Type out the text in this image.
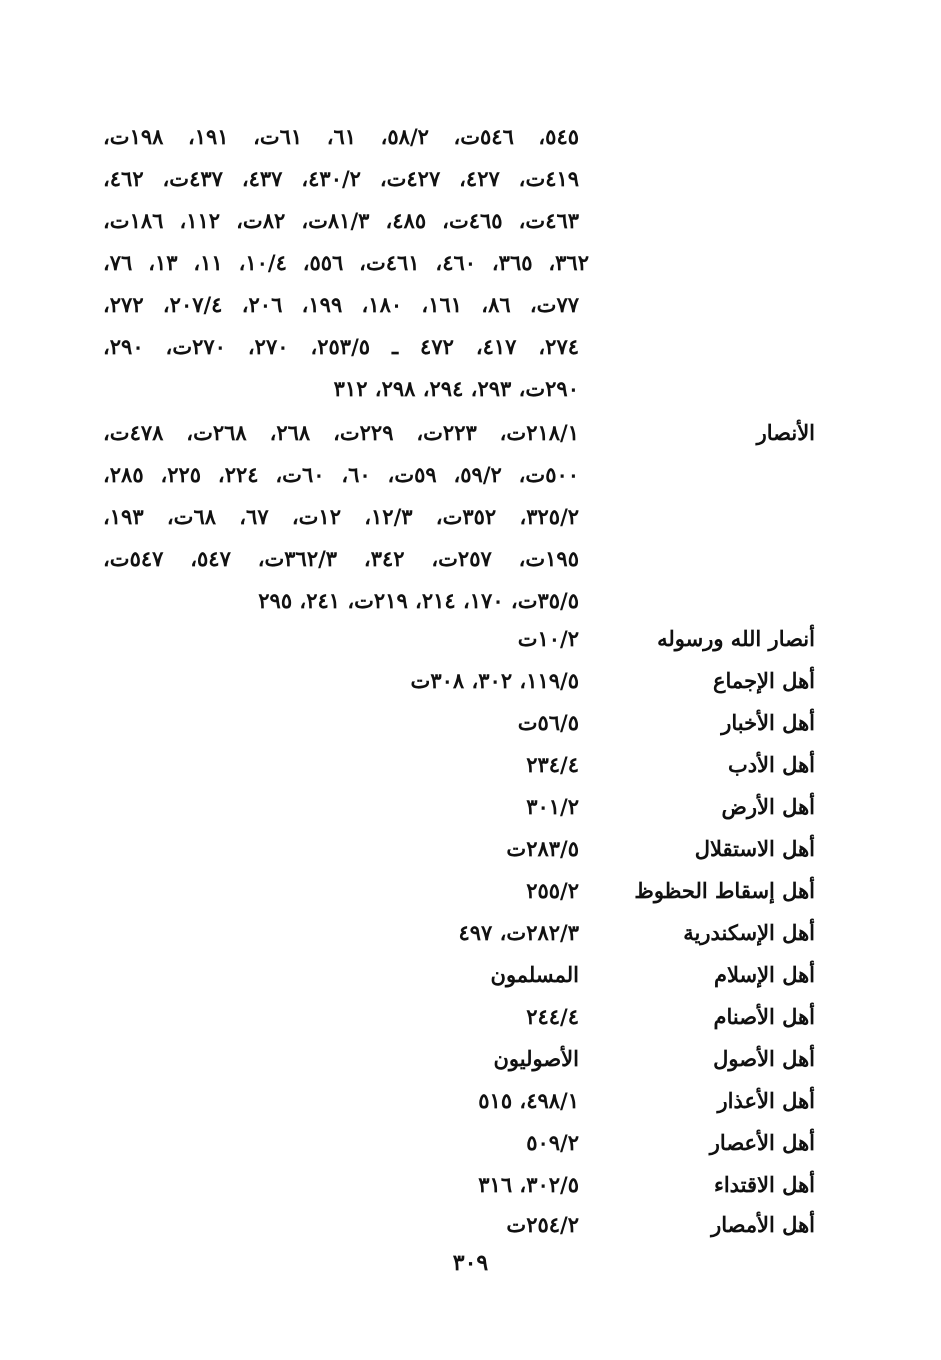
٥٤٥، ٥٤٦ت، ٥٨/٢، ٦١، ٦١ت، ١٩١، ١٩٨ت،
٤١٩ت، ٤٢٧، ٤٢٧ت، ٤٣٠/٢، ٤٣٧، ٤٣٧ت، ٤٦٢،
٤٦٣ت، ٤٦٥ت، ٤٨٥، ٨١/٣ت، ٨٢ت، ١١٢، ١٨٦ت،
٣٦٢، ٣٦٥، ٤٦٠، ٤٦١ت، ٥٥٦، ١٠/٤، ١١، ١٣، ٧٦،
٧٧ت، ٨٦، ١٦١، ١٨٠، ١٩٩، ٢٠٦، ٢٠٧/٤، ٢٧٢،
٢٧٤، ٤١٧، ٤٧٢ ـ ٢٥٣/٥، ٢٧٠، ٢٧٠ت، ٢٩٠،
٢٩٠ت، ٢٩٣، ٢٩٤، ٢٩٨، ٣١٢
الأنصار
٢١٨/١ت، ٢٢٣ت، ٢٢٩ت، ٢٦٨، ٢٦٨ت، ٤٧٨ت،
٥٠٠ت، ٥٩/٢، ٥٩ت، ٦٠، ٦٠ت، ٢٢٤، ٢٢٥، ٢٨٥،
٣٢٥/٢، ٣٥٢ت، ١٢/٣، ١٢ت، ٦٧، ٦٨ت، ١٩٣،
١٩٥ت، ٢٥٧ت، ٣٤٢، ٣٦٢/٣ت، ٥٤٧، ٥٤٧ت،
٣٥/٥ت، ١٧٠، ٢١٤، ٢١٩ت، ٢٤١، ٢٩٥
أنصار الله ورسوله
١٠/٢ت
أهل الإجماع
١١٩/٥، ٣٠٢، ٣٠٨ت
أهل الأخبار
٥٦/٥ت
أهل الأدب
٢٣٤/٤
أهل الأرض
٣٠١/٢
أهل الاستقلال
٢٨٣/٥ت
أهل إسقاط الحظوظ
٢٥٥/٢
أهل الإسكندرية
٢٨٢/٣ت، ٤٩٧
أهل الإسلام
المسلمون
أهل الأصنام
٢٤٤/٤
أهل الأصول
الأصوليون
أهل الأعذار
٤٩٨/١، ٥١٥
أهل الأعصار
٥٠٩/٢
أهل الاقتداء
٣٠٢/٥، ٣١٦
أهل الأمصار
٢٥٤/٢ت
٣٠٩
